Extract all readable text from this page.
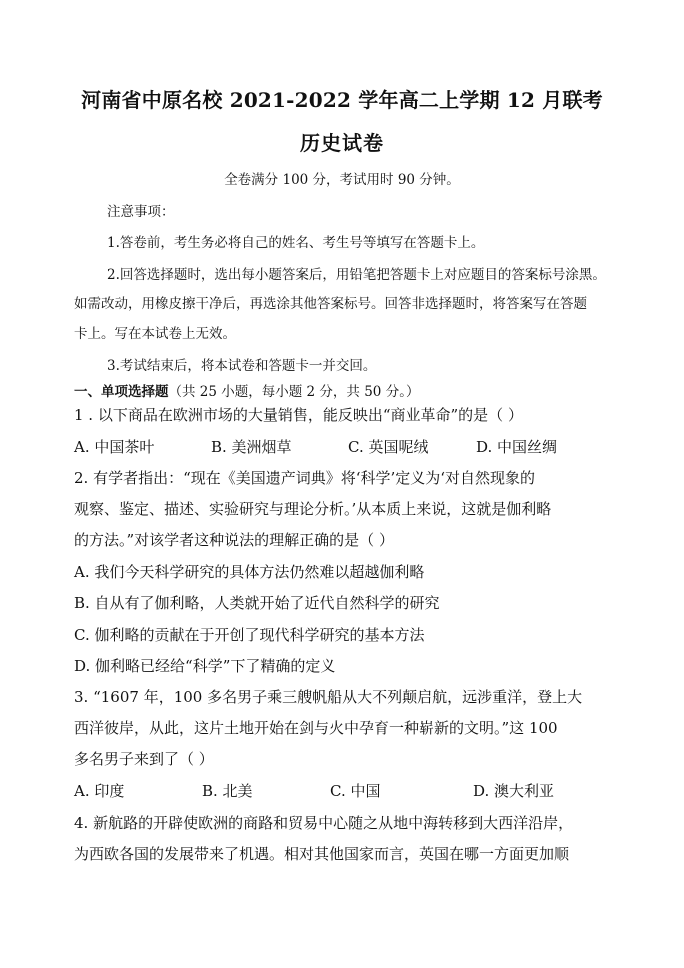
河南省中原名校 2021-2022 学年高二上学期 12 月联考
历史试卷
全卷满分 100 分，考试用时 90 分钟。
注意事项：
1.答卷前，考生务必将自己的姓名、考生号等填写在答题卡上。
2.回答选择题时，选出每小题答案后，用铅笔把答题卡上对应题目的答案标号涂黑。
如需改动，用橡皮擦干净后，再选涂其他答案标号。回答非选择题时，将答案写在答题
卡上。写在本试卷上无效。
3.考试结束后，将本试卷和答题卡一并交回。
一、单项选择题（共 25 小题，每小题 2 分，共 50 分。）
1 . 以下商品在欧洲市场的大量销售，能反映出“商业革命”的是（ ）
A. 中国茶叶	B. 美洲烟草	C. 英国呢绒	D. 中国丝绸
2. 有学者指出：“现在《美国遗产词典》将‘科学’定义为‘对自然现象的
观察、鉴定、描述、实验研究与理论分析。’从本质上来说，这就是伽利略
的方法。”对该学者这种说法的理解正确的是（ ）
A. 我们今天科学研究的具体方法仍然难以超越伽利略
B. 自从有了伽利略，人类就开始了近代自然科学的研究
C. 伽利略的贡献在于开创了现代科学研究的基本方法
D. 伽利略已经给“科学”下了精确的定义
3. “1607 年，100 多名男子乘三艘帆船从大不列颠启航，远涉重洋，登上大
西洋彼岸，从此，这片土地开始在剑与火中孕育一种崭新的文明。”这 100
多名男子来到了（ ）
A. 印度	B. 北美	C. 中国	D. 澳大利亚
4. 新航路的开辟使欧洲的商路和贸易中心随之从地中海转移到大西洋沿岸，
为西欧各国的发展带来了机遇。相对其他国家而言，英国在哪一方面更加顺
